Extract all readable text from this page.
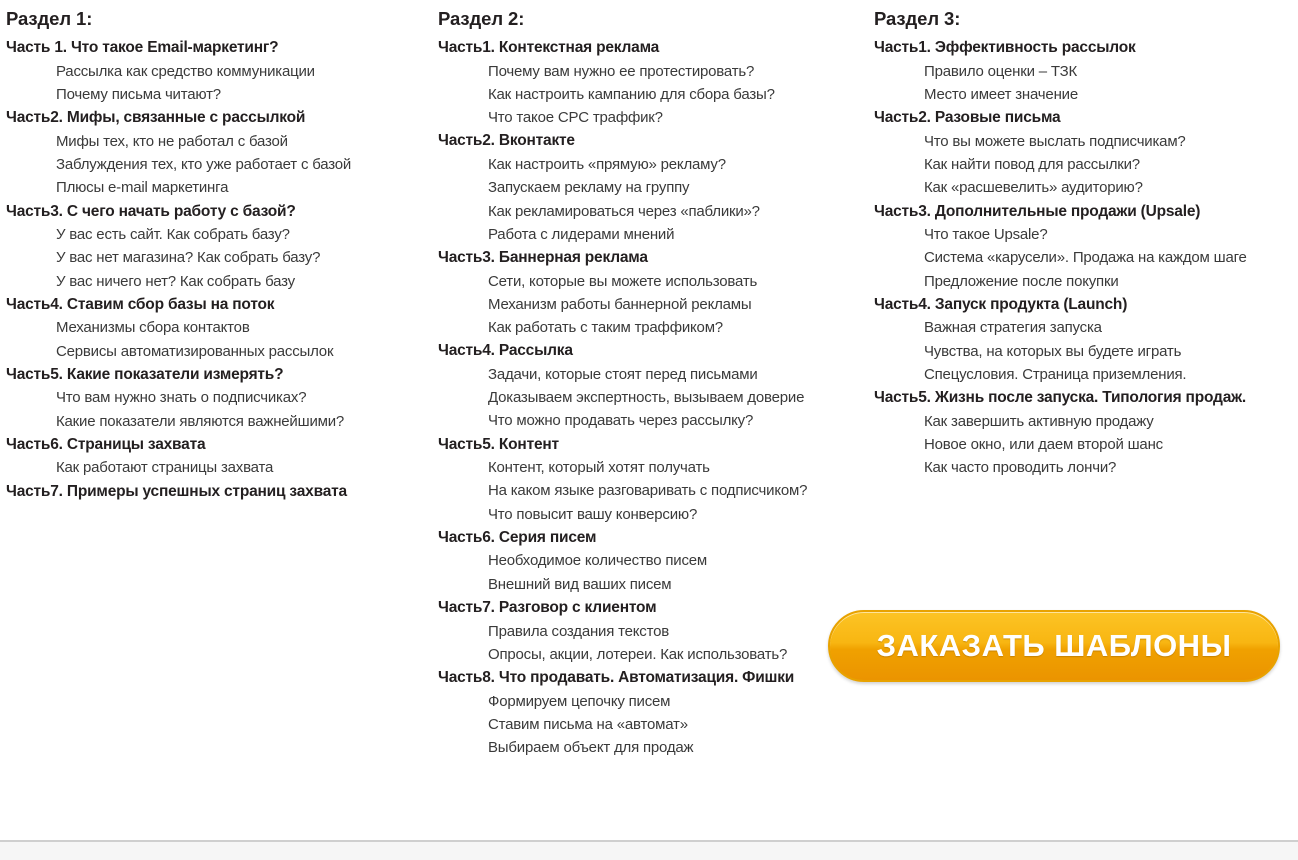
Раздел 1:
Часть 1. Что такое Email-маркетинг?
Рассылка как средство коммуникации
Почему письма читают?
Часть2. Мифы, связанные с рассылкой
Мифы тех, кто не работал с базой
Заблуждения тех, кто уже работает с базой
Плюсы e-mail маркетинга
Часть3. С чего начать работу с базой?
У вас есть сайт. Как собрать базу?
У вас нет магазина? Как собрать базу?
У вас ничего нет? Как собрать базу
Часть4. Ставим сбор базы на поток
Механизмы сбора контактов
Сервисы автоматизированных рассылок
Часть5. Какие показатели измерять?
Что вам нужно знать о подписчиках?
Какие показатели являются важнейшими?
Часть6. Страницы захвата
Как работают страницы захвата
Часть7. Примеры успешных страниц захвата
Раздел 2:
Часть1. Контекстная реклама
Почему вам нужно ее протестировать?
Как настроить кампанию для сбора базы?
Что такое CPC траффик?
Часть2. Вконтакте
Как настроить «прямую» рекламу?
Запускаем рекламу на группу
Как рекламироваться через «паблики»?
Работа с лидерами мнений
Часть3. Баннерная реклама
Сети, которые вы можете использовать
Механизм работы баннерной рекламы
Как работать с таким траффиком?
Часть4. Рассылка
Задачи, которые стоят перед письмами
Доказываем экспертность, вызываем доверие
Что можно продавать через рассылку?
Часть5. Контент
Контент, который хотят получать
На каком языке разговаривать с подписчиком?
Что повысит вашу конверсию?
Часть6. Серия писем
Необходимое количество писем
Внешний вид ваших писем
Часть7. Разговор с клиентом
Правила создания текстов
Опросы, акции, лотереи. Как использовать?
Часть8. Что продавать. Автоматизация. Фишки
Формируем цепочку писем
Ставим письма на «автомат»
Выбираем объект для продаж
Раздел 3:
Часть1. Эффективность рассылок
Правило оценки – ТЗК
Место имеет значение
Часть2. Разовые письма
Что вы можете выслать подписчикам?
Как найти повод для рассылки?
Как «расшевелить» аудиторию?
Часть3. Дополнительные продажи (Upsale)
Что такое Upsale?
Система «карусели». Продажа на каждом шаге
Предложение после покупки
Часть4. Запуск продукта (Launch)
Важная стратегия запуска
Чувства, на которых вы будете играть
Спецусловия. Страница приземления.
Часть5. Жизнь после запуска. Типология продаж.
Как завершить активную продажу
Новое окно, или даем второй шанс
Как часто проводить лончи?
ЗАКАЗАТЬ ШАБЛОНЫ
